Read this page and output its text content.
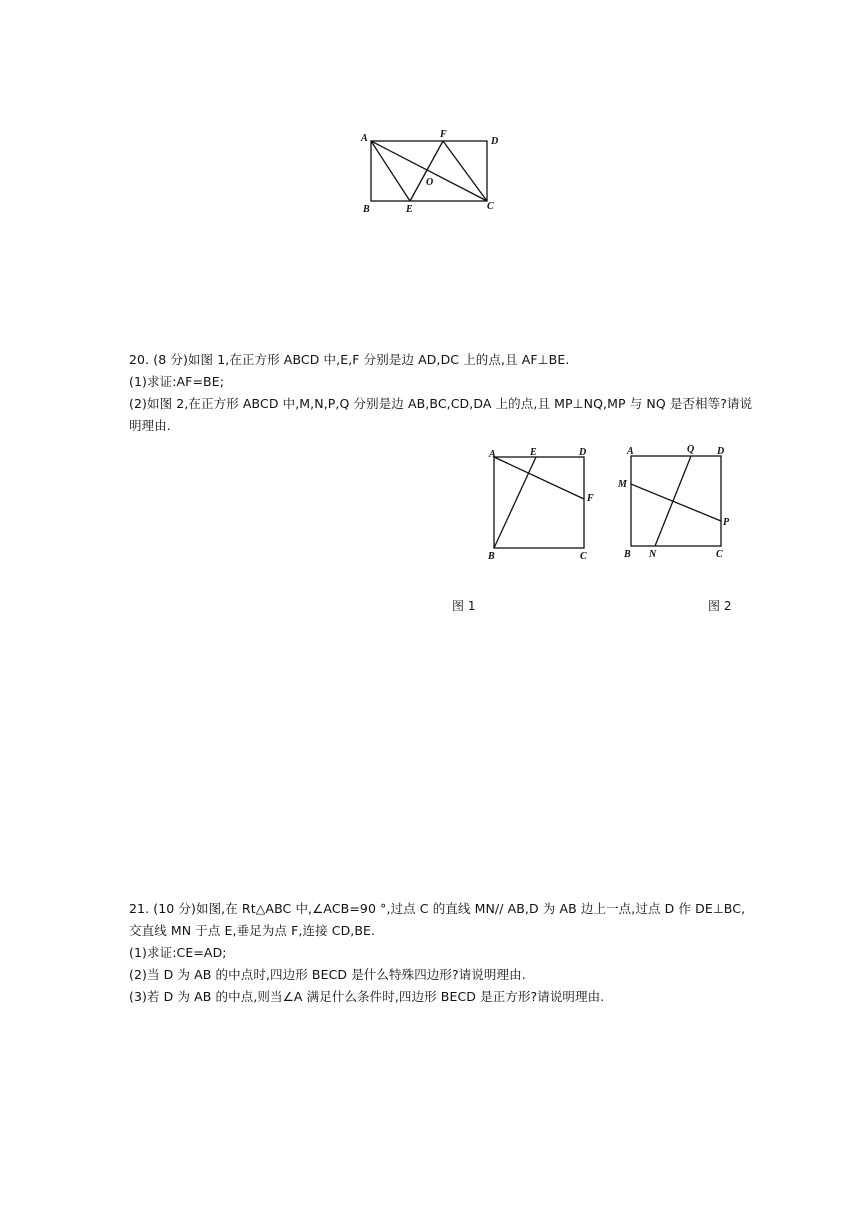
A	F
D
O
B	E	C
20. (8 分)如图 1,在正方形 ABCD 中,E,F 分别是边 AD,DC 上的点,且 AF⊥BE.
(1)求证:AF=BE;
(2)如图 2,在正方形 ABCD 中,M,N,P,Q 分别是边 AB,BC,CD,DA 上的点,且 MP⊥NQ,MP 与 NQ 是否相等?请说
明理由.
A	E	D
F
B	C
A	Q D
M
P
B N	C
图 1	图 2
21. (10 分)如图,在 Rt△ABC 中,∠ACB=90 °,过点 C 的直线 MN// AB,D 为 AB 边上一点,过点 D 作 DE⊥BC,
交直线 MN 于点 E,垂足为点 F,连接 CD,BE.
(1)求证:CE=AD;
(2)当 D 为 AB 的中点时,四边形 BECD 是什么特殊四边形?请说明理由.
(3)若 D 为 AB 的中点,则当∠A 满足什么条件时,四边形 BECD 是正方形?请说明理由.
